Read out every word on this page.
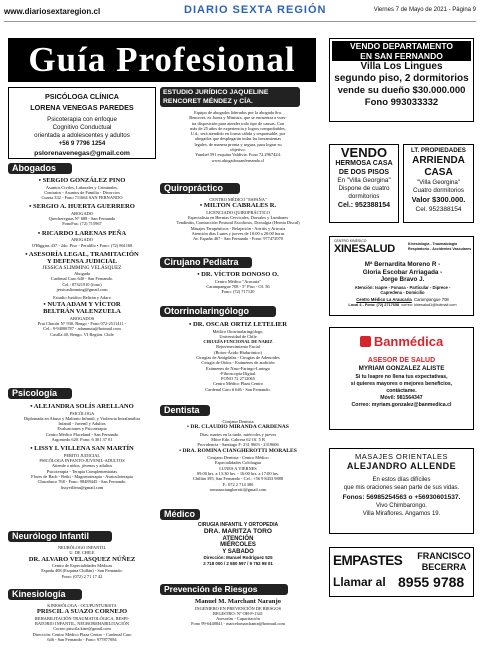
www.diariosextaregion.cl	DIARIO SEXTA REGIÓN	Viernes 7 de Mayo de 2021 - Página 9
Guía Profesional
PSICÓLOGA CLÍNICA
LORENA VENEGAS PAREDES
Psicoterapia con enfoque
Cognitivo Conductual
orientada a adolescentes y adultos
+56 9 7796 1254
pslorenavenegas@gmail.com
Abogados
• SERGIO GONZÁLEZ PINO
Asuntos Civiles, Laborales y Criminales.
Contratos - Asuntos de Familia - Divorcios
Cuarta 332 - Fono 711664 SAN FERNANDO
• SERGIO A. HUERTA GUERRERO
ABOGADO
Quechereguas N° 688 - San Fernando
FonoFax: (72) 715967
• RICARDO LARENAS PEÑA
ABOGADO
O'Higgins 437 - 2do. Piso - Peralillo • Fono: (72) 861168
• ASESORÍA LEGAL, TRAMITACIÓN
Y DEFENSA JUDICIAL
JESSICA SLIMMING VELÁSQUEZ
Abogada
Cardenal Caro 640 - San Fernando.
Cel.: 87321910 (fono)
jessicaslimming@gmail.com
Estudio Jurídico Beltrán y Adaro
• NUTA ADAM Y VÍCTOR
BELTRÁN VALENZUELA
ABOGADOS
Prat Chacón N° 930, Rengo - Fono 072-2511411 -
Cel.: 9-94006787 - adamnuta@hotmail.com
Casilla 40, Rengo. VI Región. Chile
Psicología
• ALEJANDRA SOLÍS ARELLANO
PSICÓLOGA
Diplomada en Abuso y Maltrato Infantil, y Violencia Intrafamiliar
Infantil - Juvenil y Adultos
Evaluaciones y Psicoterapia
Centro Médico Placeland - San Fernando
Argomedo 620. Fono: 6 301 37 01
• LISSY I. VILLENA SAN MARTÍN
PERITO JUDICIAL
PSICÓLOGA INFANTO-JUVENIL-ADULTOS
Atiende a niños, jóvenes y adultos
Psicoterapia - Terapia Complementarias
Flores de Bach - Reiki - Magnetoterapia - Auriculoterapia
Chacabuco 768 - Fono: 98489445 - San Fernando.
lissyvillena@gmail.com
Neurólogo Infantil
NEURÓLOGO INFANTIL
U. DE CHILE
DR. ALVARO VELASQUEZ NÚÑEZ
Centro de Especialidades Médicas
Espada 408 (Esquina Chillán) - San Fernando.
Fono: (072) 2 71 17 42
Kinesiología
KINESIÓLOGA - OCUPUNTURISTA
PRISCIL A SUAZO CORNEJO
REHABILITACIÓN TRAUMATOLÓGICA, RESPI-
RATORIO INFANTIL, NEUROREHABILITACIÓN
Correo priscila.kine@gmail.com
Dirección: Centro Médico Plaza Centro - Cardenal Caro
646 - San Fernando - Fono: 977877084
ESTUDIO JURÍDICO JAQUELINE RENCORET MÉNDEZ y CÍA.
Equipo de abogados liderados por la abogada Sra.
Rencoret, ex Jueza y Ministra, que se encuentra a vues-
tra disposición para atender todo tipo de causas. Con
más de 25 años de experiencia y logros comprobables,
U.d., será atendido en forma cálida y responsable, por
abogados que desplegarán todas las herramientas
legales, de manera pronta y segura, para lograr su
objetivo.
Yumbel 591 esquina Valdivia. Fono 72.2967424.
www.abogadossanfernando.cl
Quiropráctico
CENTRO MÉDICO "ESPAÑA"
• MILTON CABRALES R.
LICENCIADO QUIROPRÁCTICO
Especialista en Hernias Cervicales, Dorsales y Lumbares
Tendinitis, Contracción Postural Escoliosis, Dorsalgia (Hernia Discal)
Masajes Terapéuticos - Relajación - Artritis y Artrosis
Atención días Lunes y jueves de 10:00 a 20:00 horas
Av. España 467 - San Fernando - Fono: 977472970
Cirujano Pediatra
• DR. VÍCTOR DONOSO O.
Centro Médico "Aracaria"
Carampangue 708 - 5° Piso - Of. 56
Fono: (72) 717120
Otorrinolaringólogo
• DR. OSCAR ORTIZ LETELIER
Médico Otorrinolaringólogo,
Universidad de Chile
CIRUGÍA FUNCIONAL DE NARIZ
Rejuvenecimiento Facial
(Botox-Ácido Hialurónico)
Cirugías de Amígdalas - Cirugías de Adenoides
Cirugía de Oídos - Exámenes de audición
Exámenes de Naso-Faringo-Laringo
-Fibroscopía Digital.
FONO 72 2712065
Centro Médico Plaza Centro
Cardenal Caro # 646 - San Fernando.
Dentista
Cirujano Dentista
• DR. CLAUDIO MIRANDA CARDENAS
Días: martes en la tarde, miércoles y jueves
Mitre Edo. Cabrera 62 Of. 5 B
Providencia - Santiago F: 231 9603 - 2319606
• DRA. ROMINA CIANGHEROTTI MORALES
Cirujano Dentista - Centro Médico
Especialidades Colchagua
LUNES A VIERNES
09:00 hrs. a 13:30 hrs. - 16:00 hrs. a 17:00 hrs.
Chillán 395, San Fernando - Cel.: +56 9 8433 9888
F.: 072 2 714 380
romanaciangherotti@gmail.com
Médico
CIRUGIA INFANTIL Y ORTOPEDIA
DRA. MARITZA TORO
ATENCIÓN
MIÉRCOLES
Y SABADO
Dirección: Manuel Rodríguez 525
2 718 000 / 2 580 597 / 9 752 98 01
Prevención de Riesgos
Manuel M. Marchant Naranjo
INGENIERO EN PREVENCIÓN DE RIESGOS
REGISTRO: Nº OH-P-1341
Asesorías - Capacitación
Fono 99-6448841 - marcelomarchantn@hotmail.com
VENDO DEPARTAMENTO
EN SAN FERNANDO
Villa Los Lingues
segundo piso, 2 dormitorios
vende su dueño $30.000.000
Fono 993033332
VENDO
HERMOSA CASA
DE DOS PISOS
En "Villa Georgina"
Dispone de cuatro
dormitorios
Cel.: 952388154
LT. PROPIEDADES
ARRIENDA
CASA
"Villa Georgina"
Cuatro dormitorios
Valor $300.000.
Cel. 952388154
CENTRO KINÉSICO
XINESALUD	Kinesiología - Traumatología
Respiratorio - Accidentes Vasculares
Mª Bernardita Moreno R -
Gloria Escobar Arriagada -
Jorge Bravo J.
Atención: Isapre - Fonasa - Particular - Diprece -
Capredena - Domicilio
Centro Médico La Araucaria Carampangue 708
Local 4 - Fono: (72) 2717658 correo: kinesalud1@hotmail.com
Banmédica
ASESOR DE SALUD
MYRIAM GONZALEZ ALISTE
Si tu Isapre no llena tus expectativas,
si quieres mayores o mejores beneficios,
contáctame.
Móvil: 981564347
Correo: myriam.gonzalez@banmedica.cl
MASAJES ORIENTALES
ALEJANDRO ALLENDE
En estos días difíciles
que mis oraciones sean parte de sus vidas.
Fonos: 56985254563 o +56930601537.
Vivo Chimbarongo.
Villa Miraflores. Angamos 19.
EMPASTES	FRANCISCO
BECERRA
Llamar al 8955 9788
